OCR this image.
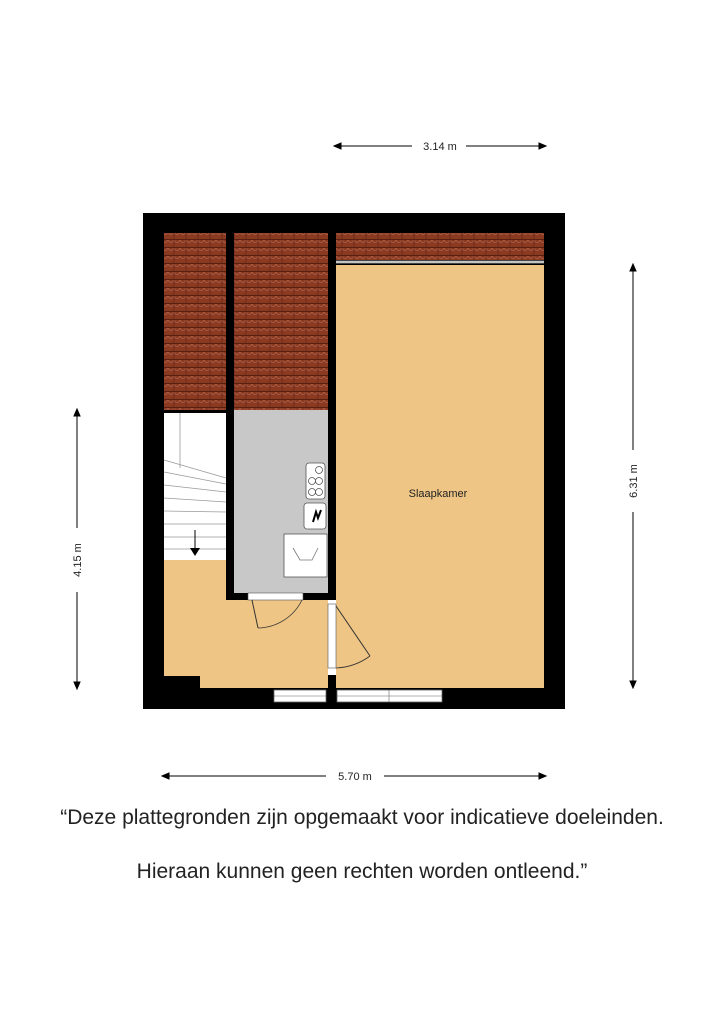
3.14 m
6.31 m
4.15 m
5.70 m
Slaapkamer
“Deze plattegronden zijn opgemaakt voor indicatieve doeleinden.
Hieraan kunnen geen rechten worden ontleend.”
